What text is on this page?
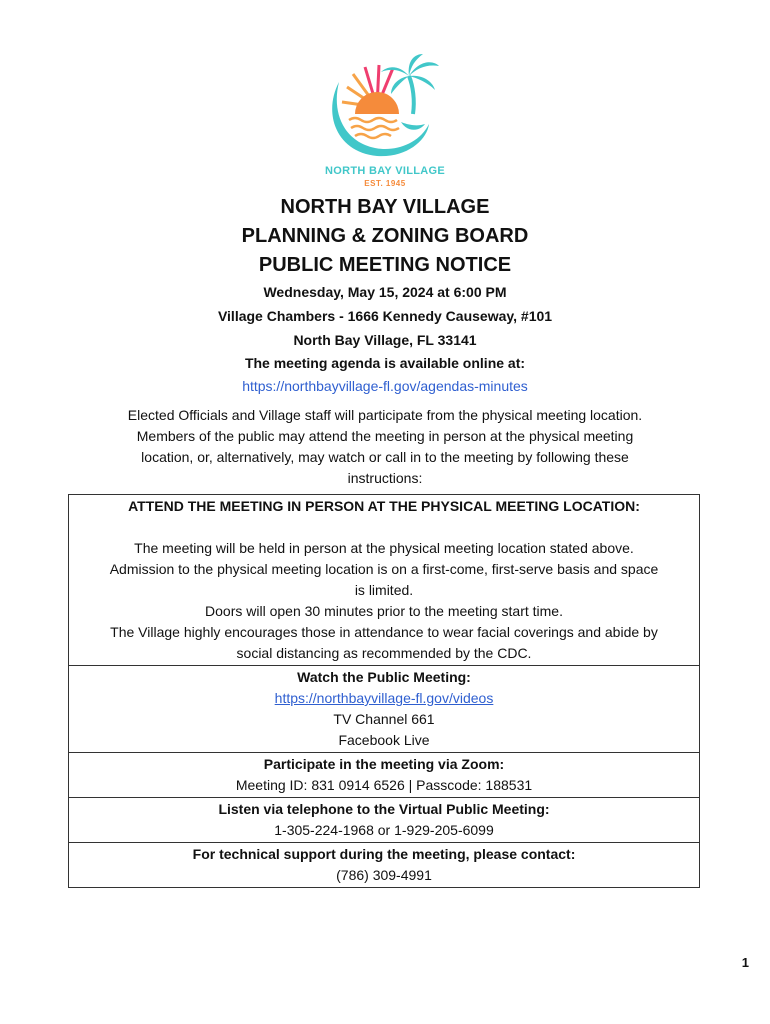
NORTH BAY VILLAGE
EST. 1945
NORTH BAY VILLAGE
PLANNING & ZONING BOARD
PUBLIC MEETING NOTICE
Wednesday, May 15, 2024 at 6:00 PM
Village Chambers - 1666 Kennedy Causeway, #101
North Bay Village, FL 33141
The meeting agenda is available online at:
https://northbayvillage-fl.gov/agendas-minutes
Elected Officials and Village staff will participate from the physical meeting location.
Members of the public may attend the meeting in person at the physical meeting
location, or, alternatively, may watch or call in to the meeting by following these
instructions:
ATTEND THE MEETING IN PERSON AT THE PHYSICAL MEETING LOCATION:
The meeting will be held in person at the physical meeting location stated above.
Admission to the physical meeting location is on a first-come, first-serve basis and space
is limited.
Doors will open 30 minutes prior to the meeting start time.
The Village highly encourages those in attendance to wear facial coverings and abide by
social distancing as recommended by the CDC.
Watch the Public Meeting:
https://northbayvillage-fl.gov/videos
TV Channel 661
Facebook Live
Participate in the meeting via Zoom:
Meeting ID: 831 0914 6526 | Passcode: 188531
Listen via telephone to the Virtual Public Meeting:
1-305-224-1968 or 1-929-205-6099
For technical support during the meeting, please contact:
(786) 309-4991
1
